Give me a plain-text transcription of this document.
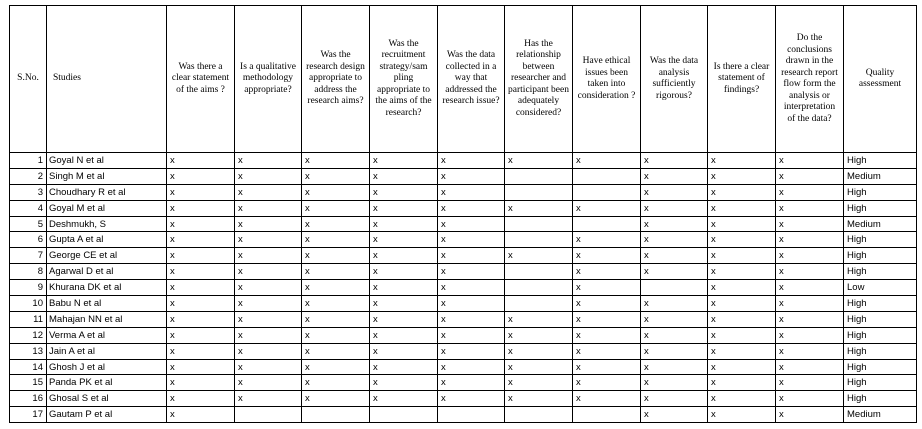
S.No.	Studies	Was there a clear statement of the aims ?	Is a qualitative methodology appropriate?	Was the research design appropriate to address the research aims?	Was the recruitment strategy/sam pling appropriate to the aims of the research?	Was the data collected in a way that addressed the research issue?	Has the relationship between researcher and participant been adequately considered?	Have ethical issues been taken into consideration ?	Was the data analysis sufficiently rigorous?	Is there a clear statement of findings?	Do the conclusions drawn in the research report flow form the analysis or interpretation of the data?	Quality assessment
1	Goyal N et al	x	x	x	x	x	x	x	x	x	x	High
2	Singh M et al	x	x	x	x	x			x	x	x	Medium
3	Choudhary R et al	x	x	x	x	x			x	x	x	High
4	Goyal M et al	x	x	x	x	x	x	x	x	x	x	High
5	Deshmukh, S	x	x	x	x	x			x	x	x	Medium
6	Gupta A et al	x	x	x	x	x		x	x	x	x	High
7	George CE et al	x	x	x	x	x	x	x	x	x	x	High
8	Agarwal D et al	x	x	x	x	x		x	x	x	x	High
9	Khurana DK et al	x	x	x	x	x		x		x	x	Low
10	Babu N et al	x	x	x	x	x		x	x	x	x	High
11	Mahajan NN et al	x	x	x	x	x	x	x	x	x	x	High
12	Verma A et al	x	x	x	x	x	x	x	x	x	x	High
13	Jain A et al	x	x	x	x	x	x	x	x	x	x	High
14	Ghosh J et al	x	x	x	x	x	x	x	x	x	x	High
15	Panda PK et al	x	x	x	x	x	x	x	x	x	x	High
16	Ghosal S et al	x	x	x	x	x	x	x	x	x	x	High
17	Gautam P et al	x							x	x	x	Medium
